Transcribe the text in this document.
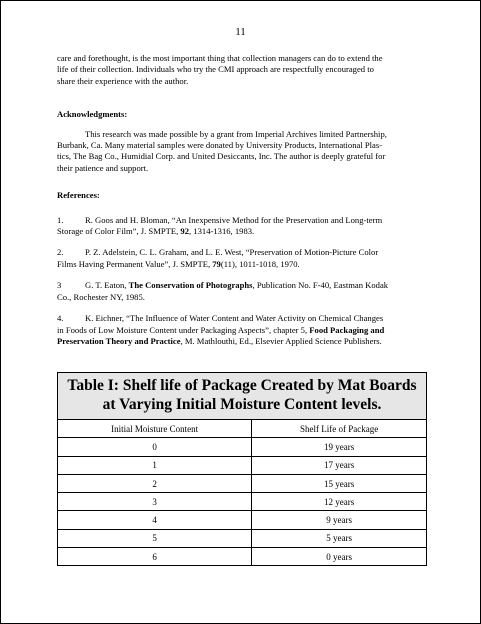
11

care and forethought, is the most important thing that collection managers can do to extend the
life of their collection. Individuals who try the CMI approach are respectfully encouraged to
share their experience with the author.

Acknowledgments:

This research was made possible by a grant from Imperial Archives limited Partnership,
Burbank, Ca. Many material samples were donated by University Products, International Plas-
tics, The Bag Co., Humidial Corp. and United Desiccants, Inc. The author is deeply grateful for
their patience and support.

References:

1.	R. Goos and H. Bloman, “An Inexpensive Method for the Preservation and Long-term
Storage of Color Film”, J. SMPTE, 92, 1314-1316, 1983.

2.	P. Z. Adelstein, C. L. Graham, and L. E. West, “Preservation of Motion-Picture Color
Films Having Permanent Value”, J. SMPTE, 79(11), 1011-1018, 1970.

3	G. T. Eaton, The Conservation of Photographs, Publication No. F-40, Eastman Kodak
Co., Rochester NY, 1985.

4.	K. Eichner, “The Influence of Water Content and Water Activity on Chemical Changes
in Foods of Low Moisture Content under Packaging Aspects”, chapter 5, Food Packaging and
Preservation Theory and Practice, M. Mathlouthi, Ed., Elsevier Applied Science Publishers.

Table I: Shelf life of Package Created by Mat Boards
at Varying Initial Moisture Content levels.
Initial Moisture Content	Shelf Life of Package
0	19 years
1	17 years
2	15 years
3	12 years
4	9 years
5	5 years
6	0 years
